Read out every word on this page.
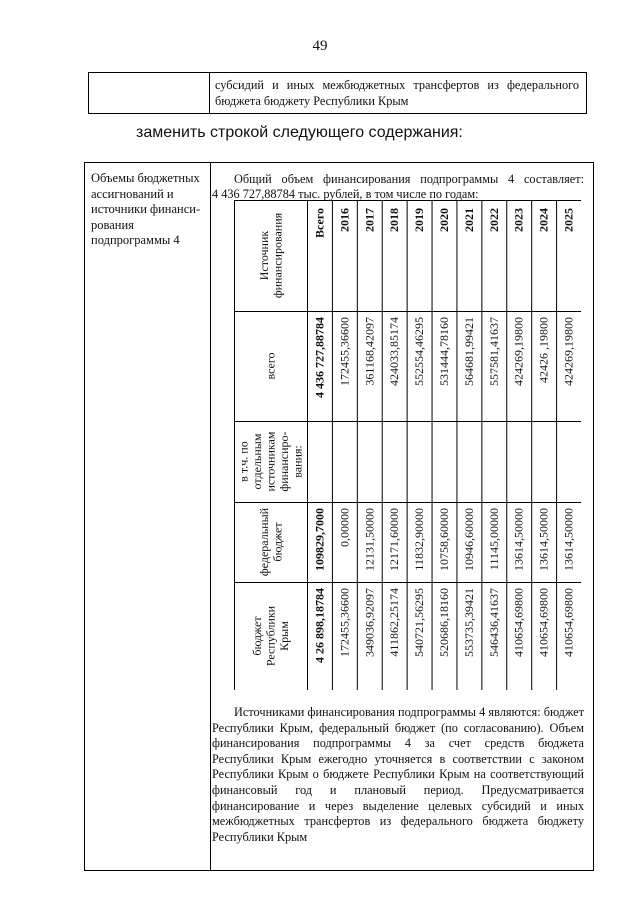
49
субсидий и иных межбюджетных трансфертов из федерального бюджета бюджету Республики Крым
заменить строкой следующего содержания:
Объемы бюджетных
ассигнований и
источники финанси-
рования
подпрограммы 4
Общий объем финансирования подпрограммы 4 составляет:
4 436 727,88784 тыс. рублей, в том числе по годам:
Источник финансирования
всего
в т.ч. по отдельным источникам финансиро- вания:
федеральный бюджет
бюджет Республики Крым
Всего
4 436 727,88784
109829,7000
4 26 898,18784
2016
172455,36600
0,00000
172455,36600
2017
361168,42097
12131,50000
349036,92097
2018
424033,85174
12171,60000
411862,25174
2019
552554,46295
11832,90000
540721,56295
2020
531444,78160
10758,60000
520686,18160
2021
564681,99421
10946,60000
553735,39421
2022
557581,41637
11145,00000
546436,41637
2023
424269,19800
13614,50000
410654,69800
2024
42426 ,19800
13614,50000
410654,69800
2025
424269,19800
13614,50000
410654,69800
Источниками финансирования подпрограммы 4 являются: бюджет Республики Крым, федеральный бюджет (по согласованию). Объем финансирования подпрограммы 4 за счет средств бюджета Республики Крым ежегодно уточняется в соответствии с законом Республики Крым о бюджете Республики Крым на соответствующий финансовый год и плановый период. Предусматривается финансирование и через выделение целевых субсидий и иных межбюджетных трансфертов из федерального бюджета бюджету Республики Крым
